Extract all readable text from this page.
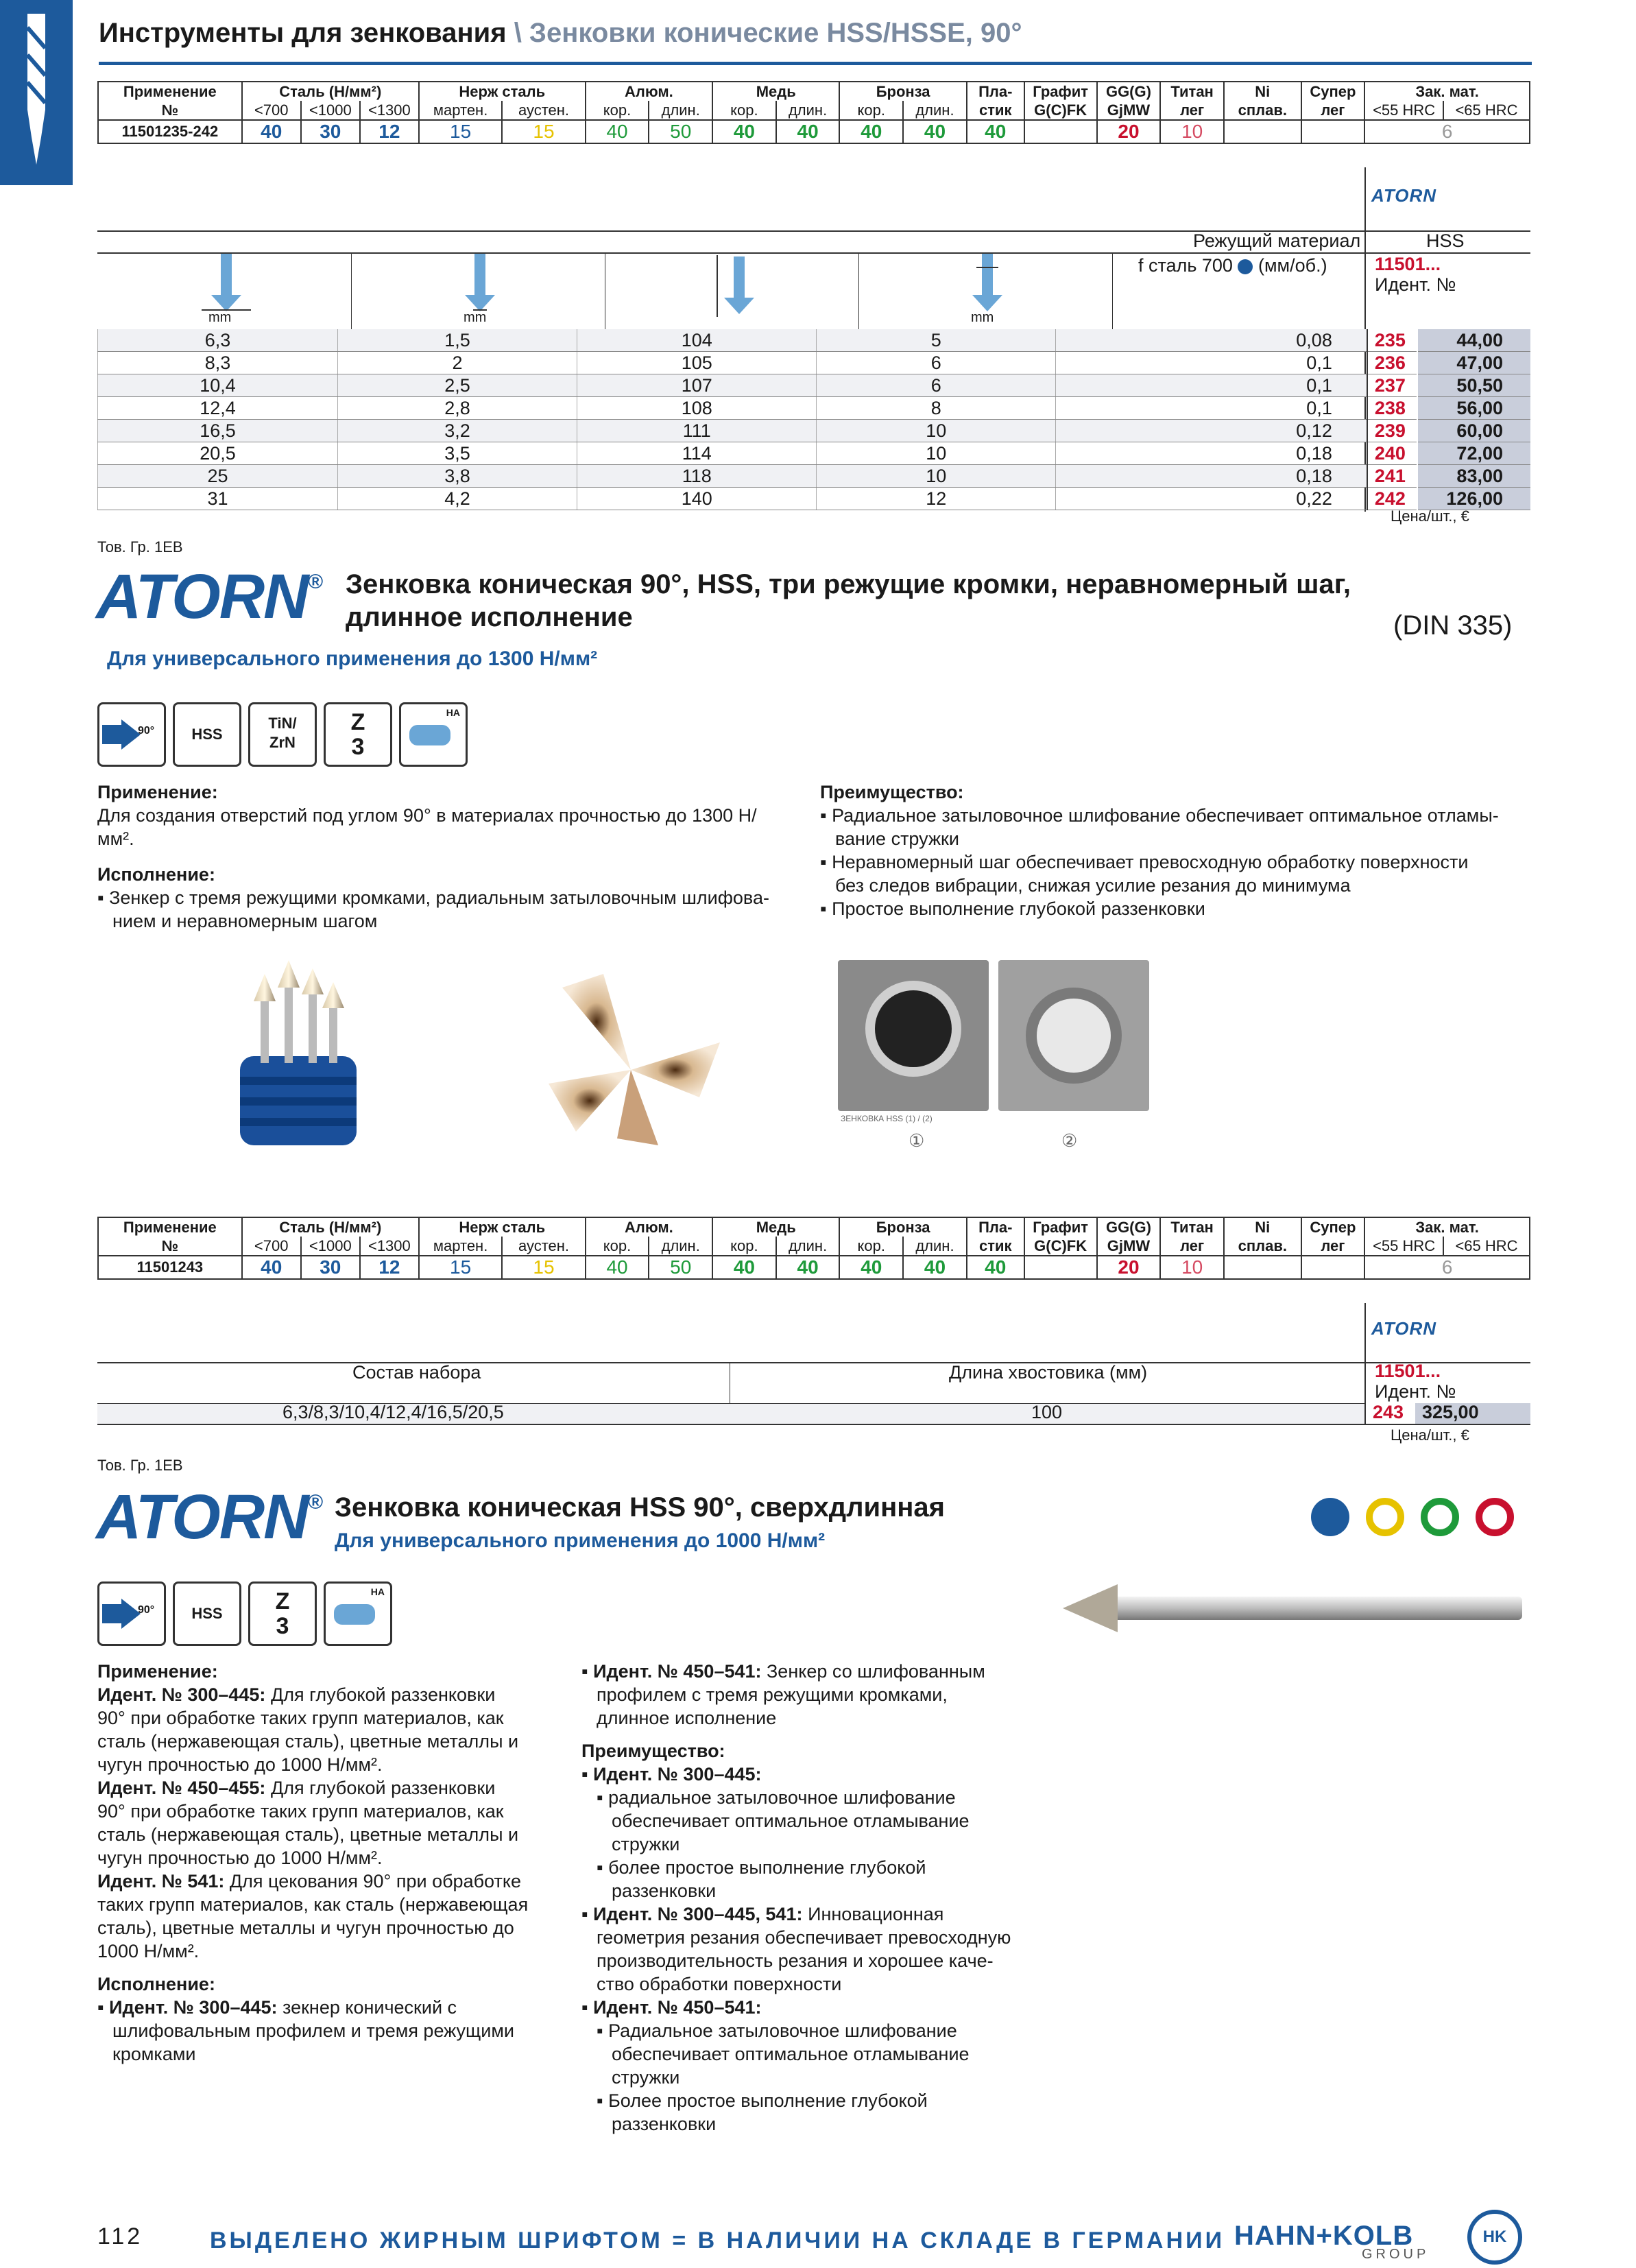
Инструменты для зенкования \ Зенковки конические HSS/HSSE, 90°
Применение	Сталь (Н/мм²)			Нерж сталь		Алюм.		Медь		Бронза		Пла-	Графит	GG(G)	Титан	Ni	Супер	Зак. мат.	
№	<700	<1000	<1300	мартен.	аустен.	кор.	длин.	кор.	длин.	кор.	длин.	стик	G(C)FK	GjMW	лег	сплав.	лег	<55 HRC	<65 HRC
11501235-242	40	30	12	15	15	40	50	40	40	40	40	40		20	10			6	
ATORN
Режущий материал	HSS
f сталь 700 (мм/об.)	11501...
Идент. №
mm	mm	mm
6,3	1,5	104	5	0,08	235	44,00
8,3	2	105	6	0,1	236	47,00
10,4	2,5	107	6	0,1	237	50,50
12,4	2,8	108	8	0,1	238	56,00
16,5	3,2	111	10	0,12	239	60,00
20,5	3,5	114	10	0,18	240	72,00
25	3,8	118	10	0,18	241	83,00
31	4,2	140	12	0,22	242	126,00
Цена/шт., €
Тов. Гр. 1EB
ATORN® Зенковка коническая 90°, HSS, три режущие кромки, неравномерный шаг,
длинное исполнение	(DIN 335)
Для универсального применения до 1300 Н/мм²
90°	HSS
TiN/
ZrN
Z
3
HA
Применение:
Для создания отверстий под углом 90° в материалах прочностью до 1300 Н/
мм².
Исполнение:
▪ Зенкер с тремя режущими кромками, радиальным затыловочным шлифова-
нием и неравномерным шагом
Преимущество:
▪ Радиальное затыловочное шлифование обеспечивает оптимальное отламы-
вание стружки
▪ Неравномерный шаг обеспечивает превосходную обработку поверхности
без следов вибрации, снижая усилие резания до минимума
▪ Простое выполнение глубокой раззенковки
ЗЕНКОВКА HSS (1) / (2)
①	②
Применение	Сталь (Н/мм²)			Нерж сталь		Алюм.		Медь		Бронза		Пла-	Графит	GG(G)	Титан	Ni	Супер	Зак. мат.	
№	<700	<1000	<1300	мартен.	аустен.	кор.	длин.	кор.	длин.	кор.	длин.	стик	G(C)FK	GjMW	лег	сплав.	лег	<55 HRC	<65 HRC
11501243	40	30	12	15	15	40	50	40	40	40	40	40		20	10			6	
ATORN
Состав набора	Длина хвостовика (мм)	11501...
Идент. №
6,3/8,3/10,4/12,4/16,5/20,5	100	243 325,00
Цена/шт., €
Тов. Гр. 1EB
ATORN® Зенковка коническая HSS 90°, сверхдлинная
Для универсального применения до 1000 Н/мм²
90°	HSS	Z
3
HA
Применение:
Идент. № 300–445: Для глубокой раззенковки
90° при обработке таких групп материалов, как
сталь (нержавеющая сталь), цветные металлы и
чугун прочностью до 1000 Н/мм².
Идент. № 450–455: Для глубокой раззенковки
90° при обработке таких групп материалов, как
сталь (нержавеющая сталь), цветные металлы и
чугун прочностью до 1000 Н/мм².
Идент. № 541: Для цекования 90° при обработке
таких групп материалов, как сталь (нержавеющая
сталь), цветные металлы и чугун прочностью до
1000 Н/мм².
Исполнение:
▪ Идент. № 300–445: зекнер конический с
шлифовальным профилем и тремя режущими
кромками
▪ Идент. № 450–541: Зенкер со шлифованным
профилем с тремя режущими кромками,
длинное исполнение
Преимущество:
▪ Идент. № 300–445:
▪ радиальное затыловочное шлифование
обеспечивает оптимальное отламывание
стружки
▪ более простое выполнение глубокой
раззенковки
▪ Идент. № 300–445, 541: Инновационная
геометрия резания обеспечивает превосходную
производительность резания и хорошее каче-
ство обработки поверхности
▪ Идент. № 450–541:
▪ Радиальное затыловочное шлифование
обеспечивает оптимальное отламывание
стружки
▪ Более простое выполнение глубокой
раззенковки
112	ВЫДЕЛЕНО ЖИРНЫМ ШРИФТОМ = В НАЛИЧИИ НА СКЛАДЕ В ГЕРМАНИИ HAHN+KOLB
GROUP
HK
